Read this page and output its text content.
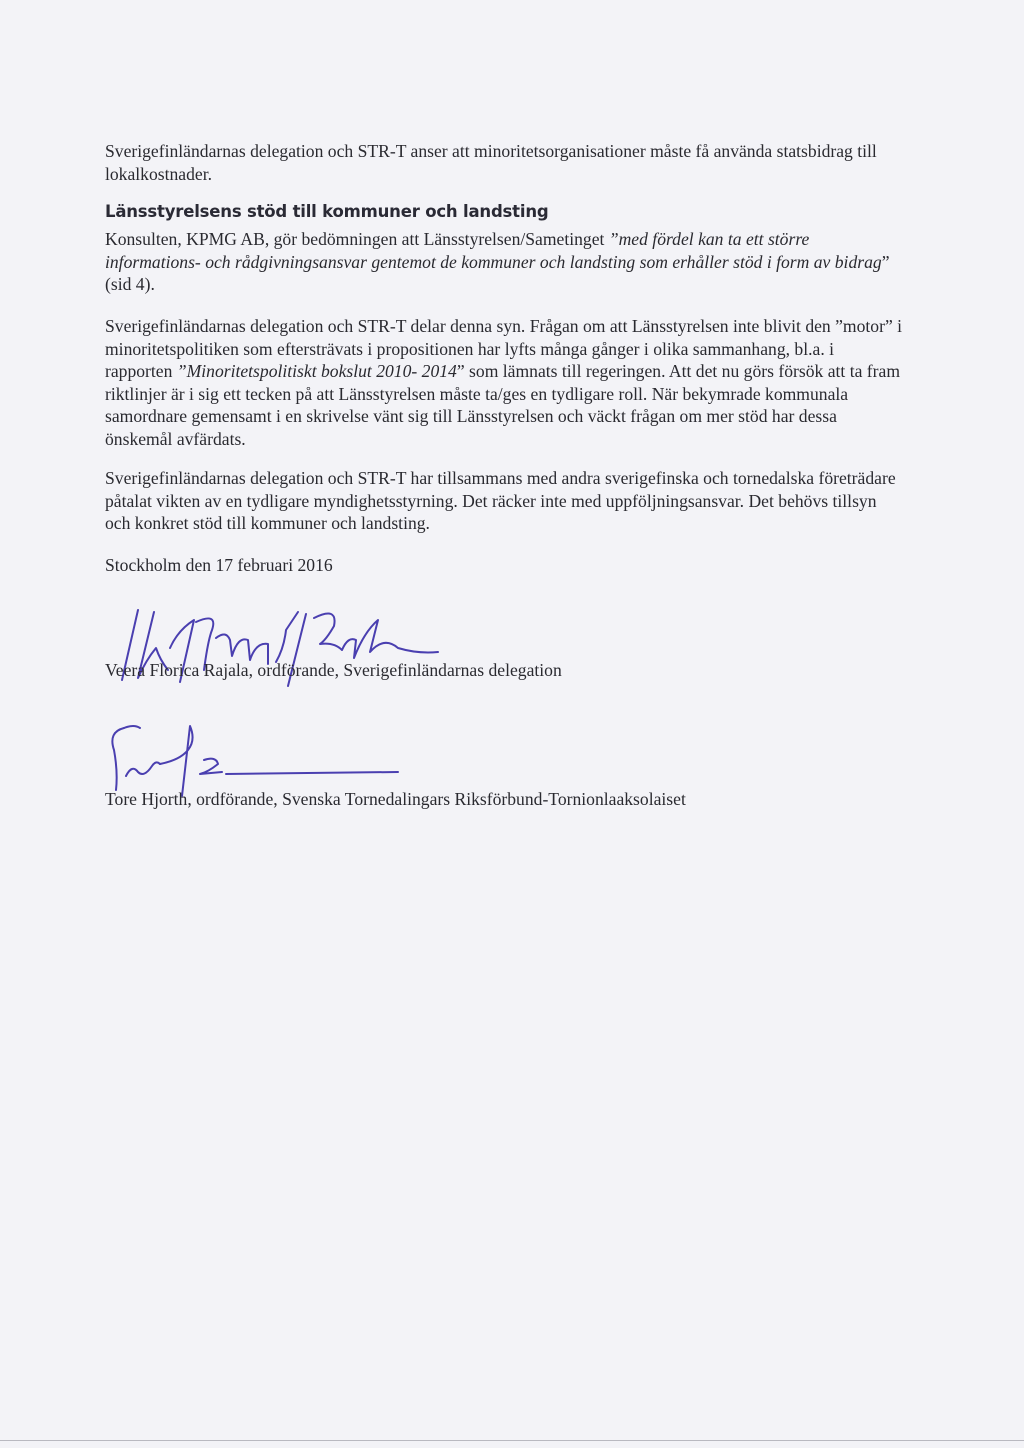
Sverigefinländarnas delegation och STR-T anser att minoritetsorganisationer måste få använda statsbidrag till lokalkostnader.

Länsstyrelsens stöd till kommuner och landsting

Konsulten, KPMG AB, gör bedömningen att Länsstyrelsen/Sametinget ”med fördel kan ta ett större informations- och rådgivningsansvar gentemot de kommuner och landsting som erhåller stöd i form av bidrag” (sid 4).

Sverigefinländarnas delegation och STR-T delar denna syn. Frågan om att Länsstyrelsen inte blivit den ”motor” i minoritetspolitiken som eftersträvats i propositionen har lyfts många gånger i olika sammanhang, bl.a. i rapporten ”Minoritetspolitiskt bokslut 2010- 2014” som lämnats till regeringen. Att det nu görs försök att ta fram riktlinjer är i sig ett tecken på att Länsstyrelsen måste ta/ges en tydligare roll. När bekymrade kommunala samordnare gemensamt i en skrivelse vänt sig till Länsstyrelsen och väckt frågan om mer stöd har dessa önskemål avfärdats.

Sverigefinländarnas delegation och STR-T har tillsammans med andra sverigefinska och tornedalska företrädare påtalat vikten av en tydligare myndighetsstyrning. Det räcker inte med uppföljningsansvar. Det behövs tillsyn och konkret stöd till kommuner och landsting.

Stockholm den 17 februari 2016

Veera Florica Rajala, ordförande, Sverigefinländarnas delegation
Tore Hjorth, ordförande, Svenska Tornedalingars Riksförbund-Tornionlaaksolaiset
